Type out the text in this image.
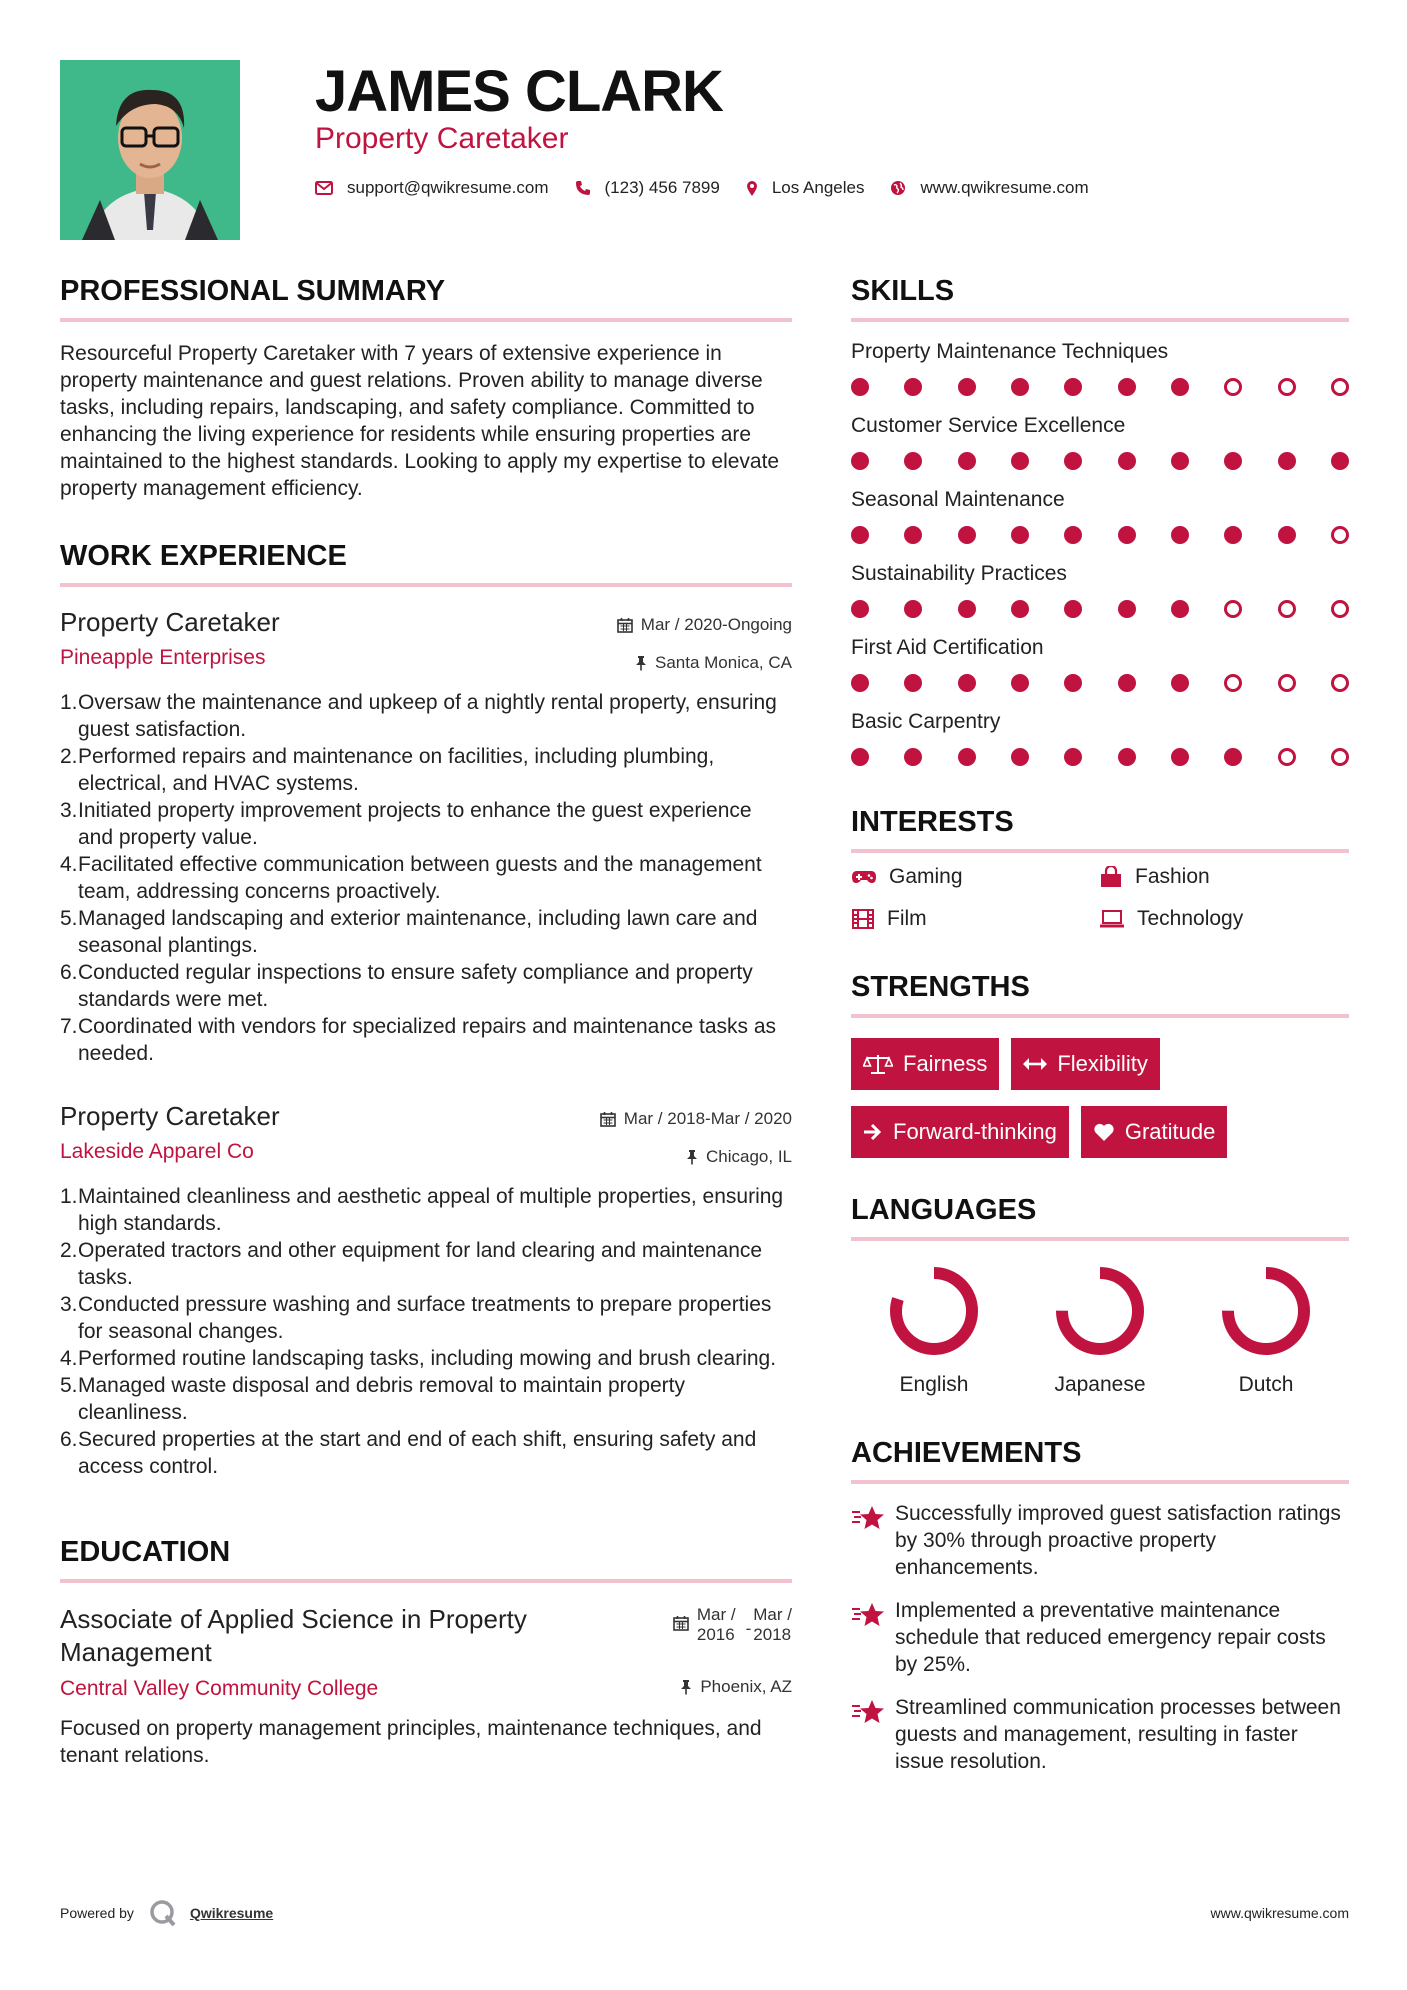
JAMES CLARK
Property Caretaker
support@qwikresume.com	(123) 456 7899	Los Angeles	www.qwikresume.com
PROFESSIONAL SUMMARY
Resourceful Property Caretaker with 7 years of extensive experience in property maintenance and guest relations. Proven ability to manage diverse tasks, including repairs, landscaping, and safety compliance. Committed to enhancing the living experience for residents while ensuring properties are maintained to the highest standards. Looking to apply my expertise to elevate property management efficiency.
WORK EXPERIENCE
Property Caretaker
Pineapple Enterprises
Mar / 2020-Ongoing
Santa Monica, CA
1. Oversaw the maintenance and upkeep of a nightly rental property, ensuring guest satisfaction.
2. Performed repairs and maintenance on facilities, including plumbing, electrical, and HVAC systems.
3. Initiated property improvement projects to enhance the guest experience and property value.
4. Facilitated effective communication between guests and the management team, addressing concerns proactively.
5. Managed landscaping and exterior maintenance, including lawn care and seasonal plantings.
6. Conducted regular inspections to ensure safety compliance and property standards were met.
7. Coordinated with vendors for specialized repairs and maintenance tasks as needed.
Property Caretaker
Lakeside Apparel Co
Mar / 2018-Mar / 2020
Chicago, IL
1. Maintained cleanliness and aesthetic appeal of multiple properties, ensuring high standards.
2. Operated tractors and other equipment for land clearing and maintenance tasks.
3. Conducted pressure washing and surface treatments to prepare properties for seasonal changes.
4. Performed routine landscaping tasks, including mowing and brush clearing.
5. Managed waste disposal and debris removal to maintain property cleanliness.
6. Secured properties at the start and end of each shift, ensuring safety and access control.
EDUCATION
Associate of Applied Science in Property Management
Central Valley Community College
Mar /
2016 -
Mar /
2018
Phoenix, AZ
Focused on property management principles, maintenance techniques, and tenant relations.
SKILLS
Property Maintenance Techniques
Customer Service Excellence
Seasonal Maintenance
Sustainability Practices
First Aid Certification
Basic Carpentry
INTERESTS
Gaming	Fashion
Film	Technology
STRENGTHS
Fairness	Flexibility
Forward-thinking	Gratitude
LANGUAGES
English	Japanese	Dutch
ACHIEVEMENTS
Successfully improved guest satisfaction ratings by 30% through proactive property enhancements.
Implemented a preventative maintenance schedule that reduced emergency repair costs by 25%.
Streamlined communication processes between guests and management, resulting in faster issue resolution.
Powered by	Qwikresume	www.qwikresume.com
